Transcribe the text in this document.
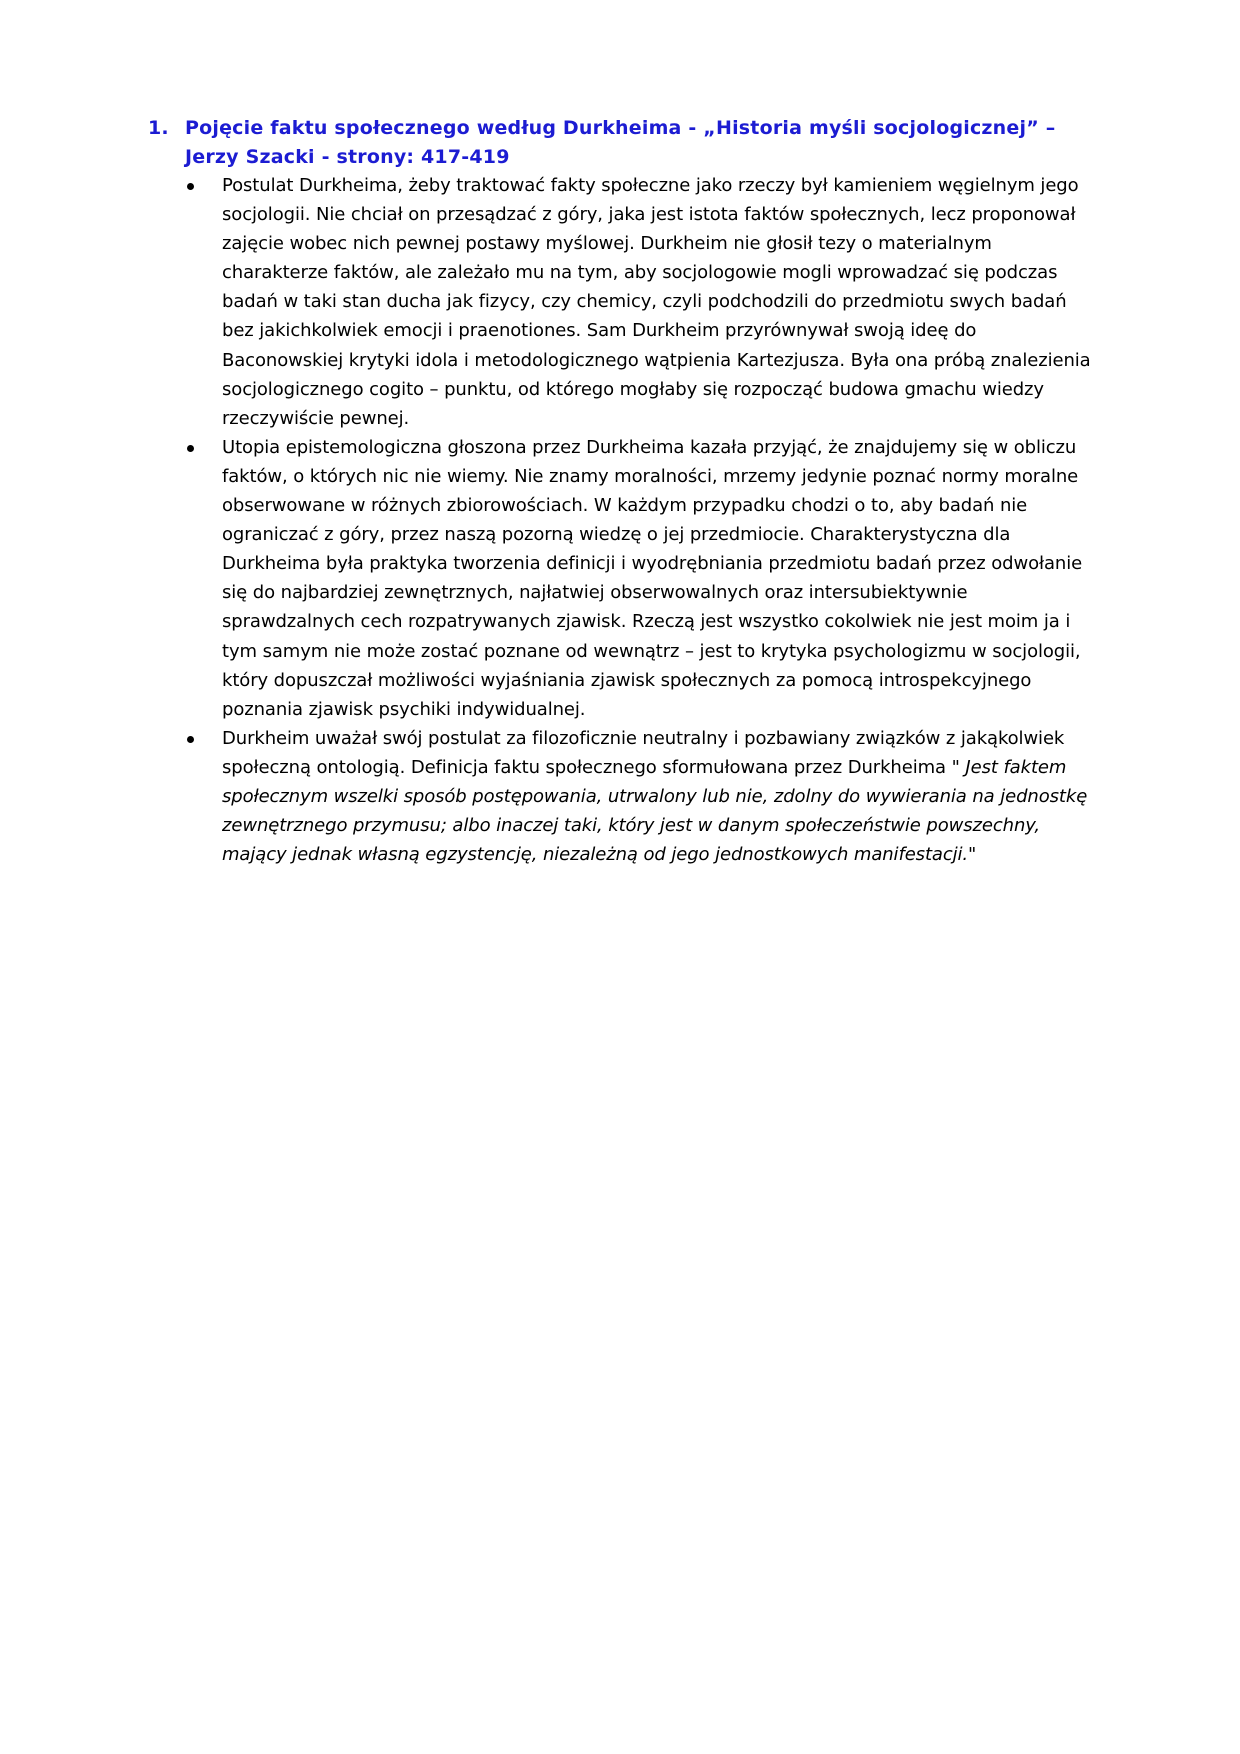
1. Pojęcie faktu społecznego według Durkheima - „Historia myśli socjologicznej” – Jerzy Szacki - strony: 417-419
Postulat Durkheima, żeby traktować fakty społeczne jako rzeczy był kamieniem węgielnym jego socjologii. Nie chciał on przesądzać z góry, jaka jest istota faktów społecznych, lecz proponował zajęcie wobec nich pewnej postawy myślowej. Durkheim nie głosił tezy o materialnym charakterze faktów, ale zależało mu na tym, aby socjologowie mogli wprowadzać się podczas badań w taki stan ducha jak fizycy, czy chemicy, czyli podchodzili do przedmiotu swych badań bez jakichkolwiek emocji i praenotiones. Sam Durkheim przyrównywał swoją ideę do Baconowskiej krytyki idola i metodologicznego wątpienia Kartezjusza. Była ona próbą znalezienia socjologicznego cogito – punktu, od którego mogłaby się rozpocząć budowa gmachu wiedzy rzeczywiście pewnej.
Utopia epistemologiczna głoszona przez Durkheima kazała przyjąć, że znajdujemy się w obliczu faktów, o których nic nie wiemy. Nie znamy moralności, mrzemy jedynie poznać normy moralne obserwowane w różnych zbiorowościach. W każdym przypadku chodzi o to, aby badań nie ograniczać z góry, przez naszą pozorną wiedzę o jej przedmiocie. Charakterystyczna dla Durkheima była praktyka tworzenia definicji i wyodrębniania przedmiotu badań przez odwołanie się do najbardziej zewnętrznych, najłatwiej obserwowalnych oraz intersubiektywnie sprawdzalnych cech rozpatrywanych zjawisk. Rzeczą jest wszystko cokolwiek nie jest moim ja i tym samym nie może zostać poznane od wewnątrz – jest to krytyka psychologizmu w socjologii, który dopuszczał możliwości wyjaśniania zjawisk społecznych za pomocą introspekcyjnego poznania zjawisk psychiki indywidualnej.
Durkheim uważał swój postulat za filozoficznie neutralny i pozbawiany związków z jakąkolwiek społeczną ontologią. Definicja faktu społecznego sformułowana przez Durkheima " Jest faktem społecznym wszelki sposób postępowania, utrwalony lub nie, zdolny do wywierania na jednostkę zewnętrznego przymusu; albo inaczej taki, który jest w danym społeczeństwie powszechny, mający jednak własną egzystencję, niezależną od jego jednostkowych manifestacji."
